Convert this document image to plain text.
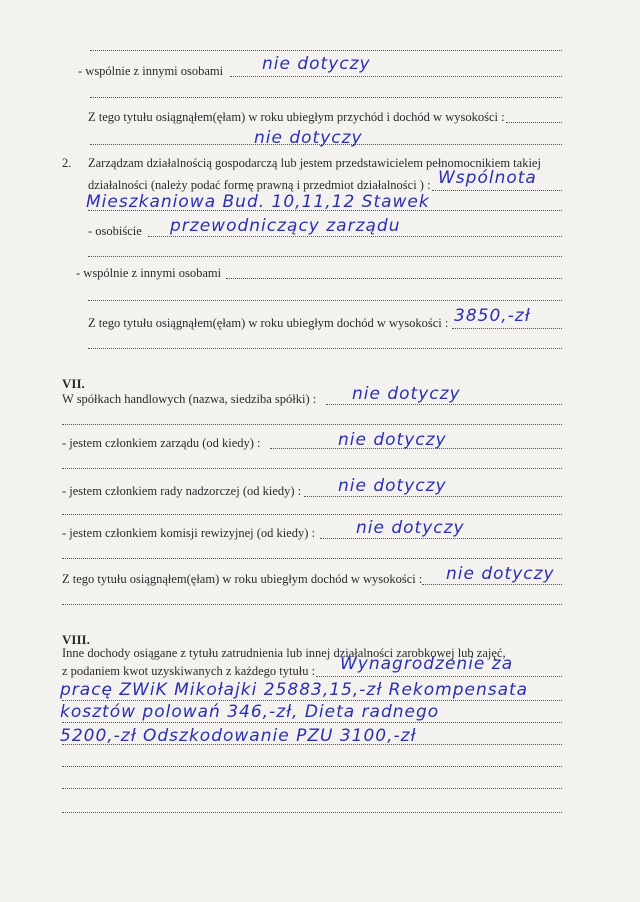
- wspólnie z innymi osobami nie dotyczy
Z tego tytułu osiągnąłem(ęłam) w roku ubiegłym przychód i dochód w wysokości :
nie dotyczy
2. Zarządzam działalnością gospodarczą lub jestem przedstawicielem pełnomocnikiem takiej
działalności (należy podać formę prawną i przedmiot działalności ) : Wspólnota
Mieszkaniowa Bud. 10,11,12 Stawek
- osobiście przewodniczący zarządu
- wspólnie z innymi osobami
Z tego tytułu osiągnąłem(ęłam) w roku ubiegłym dochód w wysokości : 3850,-zł
VII.
W spółkach handlowych (nazwa, siedziba spółki) : nie dotyczy
- jestem członkiem zarządu (od kiedy) :	nie dotyczy
- jestem członkiem rady nadzorczej (od kiedy) : nie dotyczy
- jestem członkiem komisji rewizyjnej (od kiedy) : nie dotyczy
Z tego tytułu osiągnąłem(ęłam) w roku ubiegłym dochód w wysokości : nie dotyczy
VIII.
Inne dochody osiągane z tytułu zatrudnienia lub innej działalności zarobkowej lub zajęć,
z podaniem kwot uzyskiwanych z każdego tytułu : Wynagrodzenie za
pracę ZWiK Mikołajki 25883,15,-zł Rekompensata
kosztów polowań 346,-zł, Dieta radnego
5200,-zł Odszkodowanie PZU 3100,-zł
